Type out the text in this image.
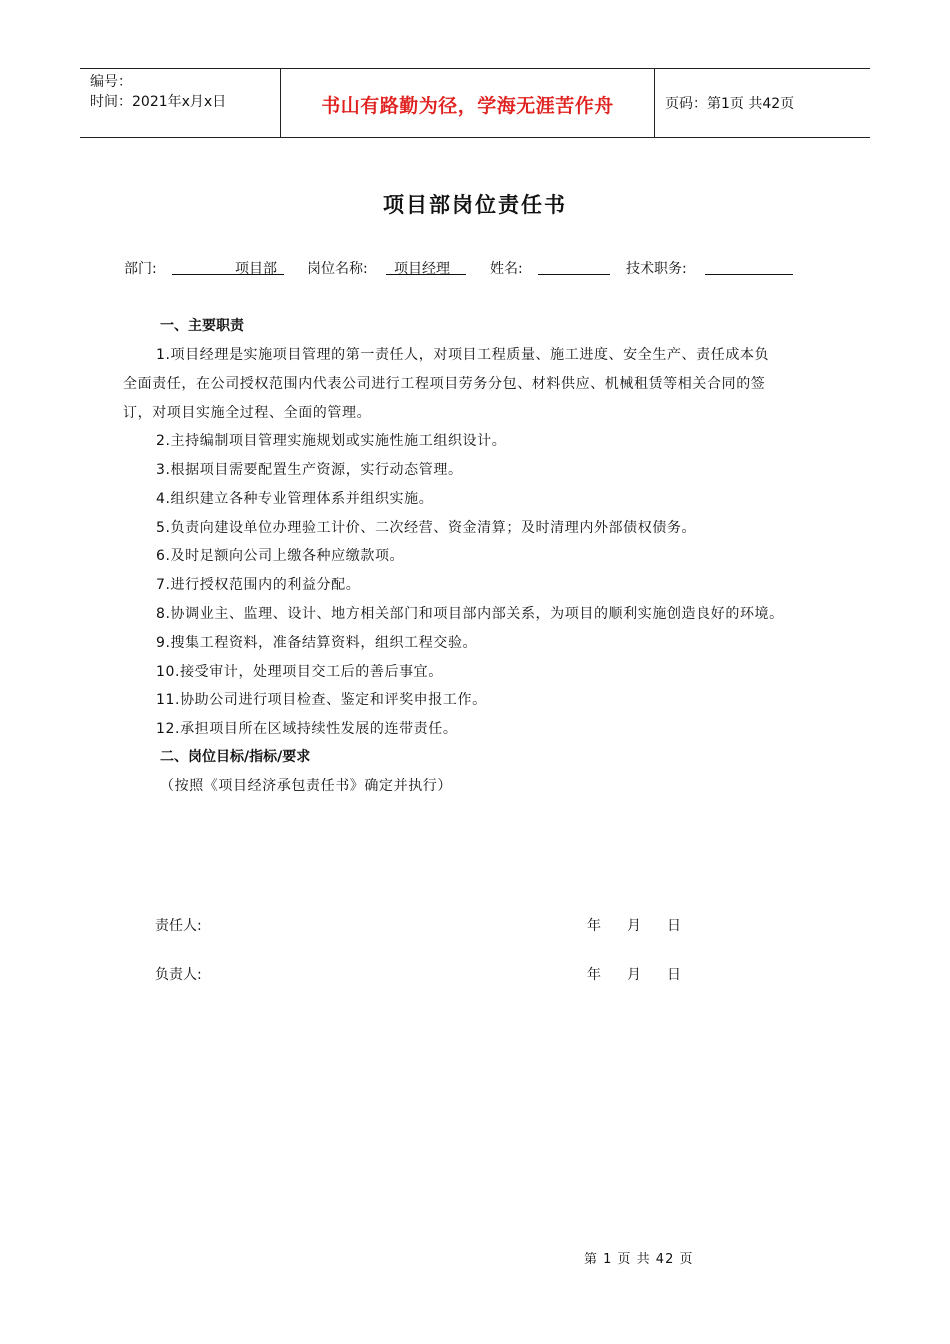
编号：
时间：2021年x月x日	书山有路勤为径，学海无涯苦作舟	页码：第1页 共42页
项目部岗位责任书
部门:	项目部 岗位名称: 项目经理	姓名:	技术职务:
一、主要职责
1.项目经理是实施项目管理的第一责任人，对项目工程质量、施工进度、安全生产、责任成本负
全面责任，在公司授权范围内代表公司进行工程项目劳务分包、材料供应、机械租赁等相关合同的签
订，对项目实施全过程、全面的管理。
2.主持编制项目管理实施规划或实施性施工组织设计。
3.根据项目需要配置生产资源，实行动态管理。
4.组织建立各种专业管理体系并组织实施。
5.负责向建设单位办理验工计价、二次经营、资金清算；及时清理内外部债权债务。
6.及时足额向公司上缴各种应缴款项。
7.进行授权范围内的利益分配。
8.协调业主、监理、设计、地方相关部门和项目部内部关系，为项目的顺利实施创造良好的环境。
9.搜集工程资料，准备结算资料，组织工程交验。
10.接受审计，处理项目交工后的善后事宜。
11.协助公司进行项目检查、鉴定和评奖申报工作。
12.承担项目所在区域持续性发展的连带责任。
二、岗位目标/指标/要求
（按照《项目经济承包责任书》确定并执行）
责任人:	年 月 日
负责人:	年 月 日
第 1 页 共 42 页
